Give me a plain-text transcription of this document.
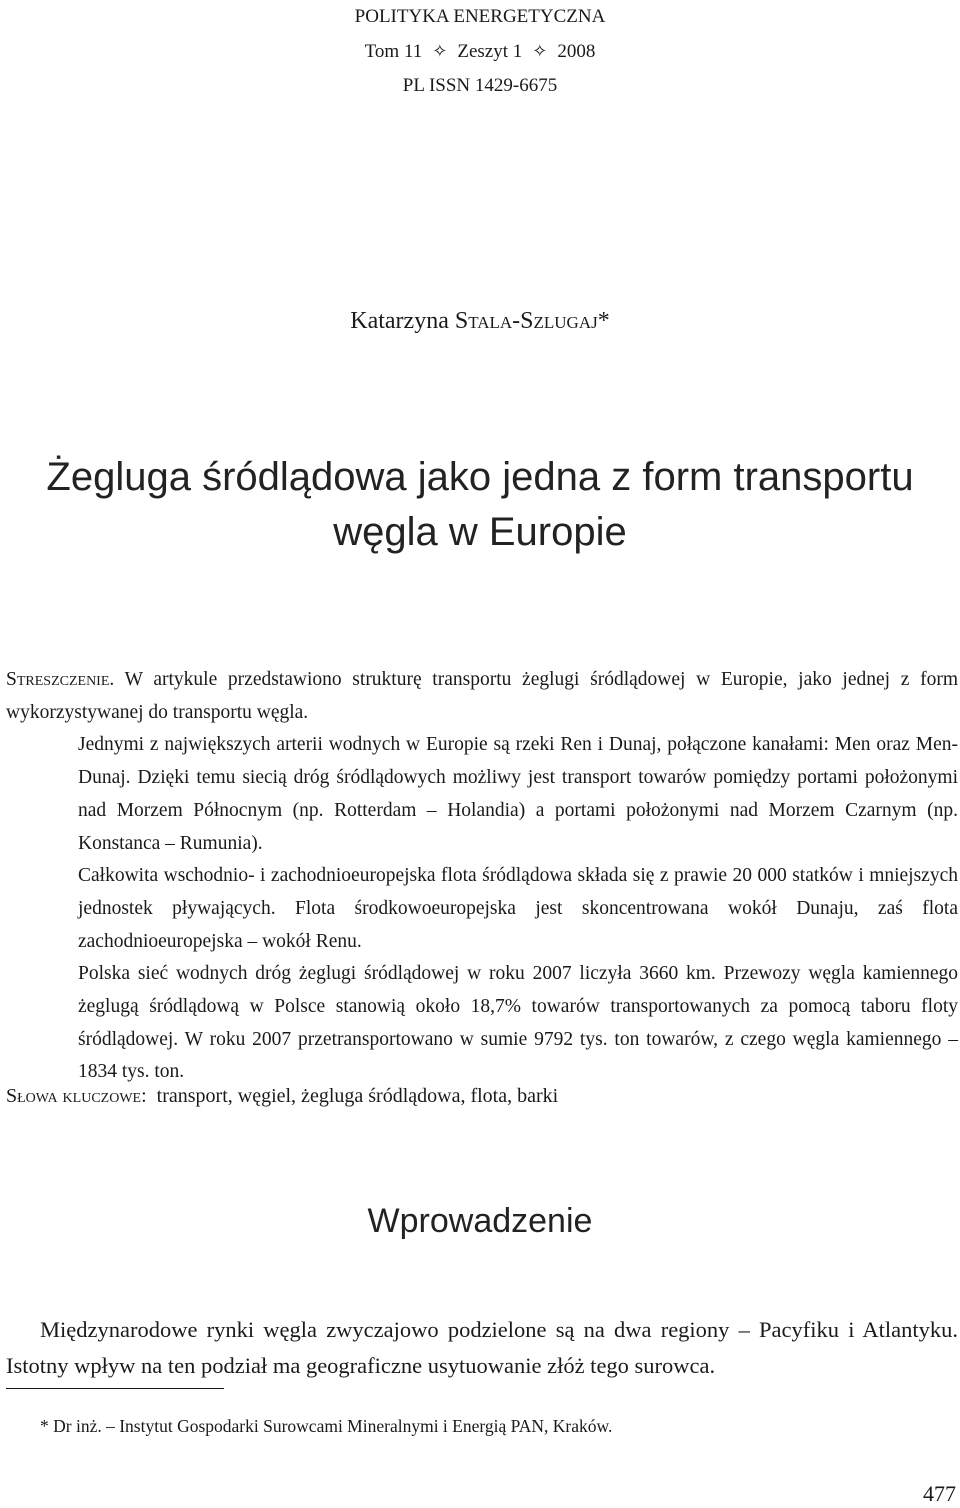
POLITYKA ENERGETYCZNA
Tom 11 ✧ Zeszyt 1 ✧ 2008
PL ISSN 1429-6675
Katarzyna Stala-Szlugaj*
Żegluga śródlądowa jako jedna z form transportu
węgla w Europie

Streszczenie. W artykule przedstawiono strukturę transportu żeglugi śródlądowej w Europie, jako jednej z form wykorzystywanej do transportu węgla.

Jednymi z największych arterii wodnych w Europie są rzeki Ren i Dunaj, połączone kanałami: Men oraz Men-Dunaj. Dzięki temu siecią dróg śródlądowych możliwy jest transport towarów pomiędzy portami położonymi nad Morzem Północnym (np. Rotterdam – Holandia) a portami położonymi nad Morzem Czarnym (np. Konstanca – Rumunia).

Całkowita wschodnio- i zachodnioeuropejska flota śródlądowa składa się z prawie 20 000 statków i mniejszych jednostek pływających. Flota środkowoeuropejska jest skoncentrowana wokół Dunaju, zaś flota zachodnioeuropejska – wokół Renu.

Polska sieć wodnych dróg żeglugi śródlądowej w roku 2007 liczyła 3660 km. Przewozy węgla kamiennego żeglugą śródlądową w Polsce stanowią około 18,7% towarów transportowanych za pomocą taboru floty śródlądowej. W roku 2007 przetransportowano w sumie 9792 tys. ton towarów, z czego węgla kamiennego – 1834 tys. ton.

Słowa kluczowe: transport, węgiel, żegluga śródlądowa, flota, barki
Wprowadzenie

Międzynarodowe rynki węgla zwyczajowo podzielone są na dwa regiony – Pacyfiku i Atlantyku. Istotny wpływ na ten podział ma geograficzne usytuowanie złóż tego surowca.

* Dr inż. – Instytut Gospodarki Surowcami Mineralnymi i Energią PAN, Kraków.
477
